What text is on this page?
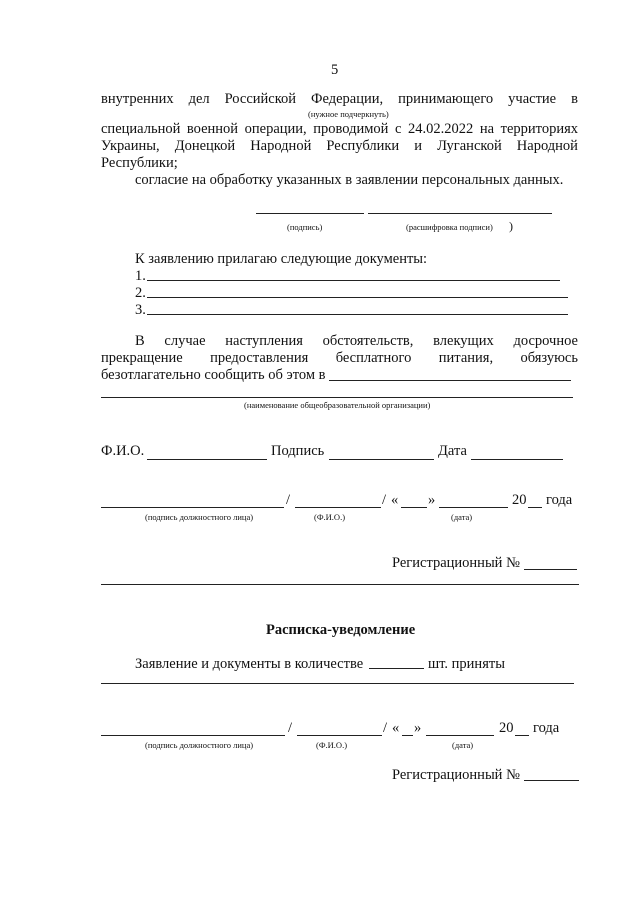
5
внутренних дел Российской Федерации, принимающего участие в
(нужное подчеркнуть)
специальной военной операции, проводимой с 24.02.2022 на территориях
Украины, Донецкой Народной Республики и Луганской Народной
Республики;
согласие на обработку указанных в заявлении персональных данных.
(подпись)	(расшифровка подписи) )
К заявлению прилагаю следующие документы:
1.
2.
3.
В случае наступления обстоятельств, влекущих досрочное
прекращение предоставления бесплатного питания, обязуюсь
безотлагательно сообщить об этом в
(наименование общеобразовательной организации)
Ф.И.О.	Подпись	Дата
/	/ « »	20 года
(подпись должностного лица)	(Ф.И.О.)	(дата)
Регистрационный №
Расписка-уведомление
Заявление и документы в количестве	шт. приняты
/	/ « »	20 года
(подпись должностного лица)	(Ф.И.О.)	(дата)
Регистрационный №
